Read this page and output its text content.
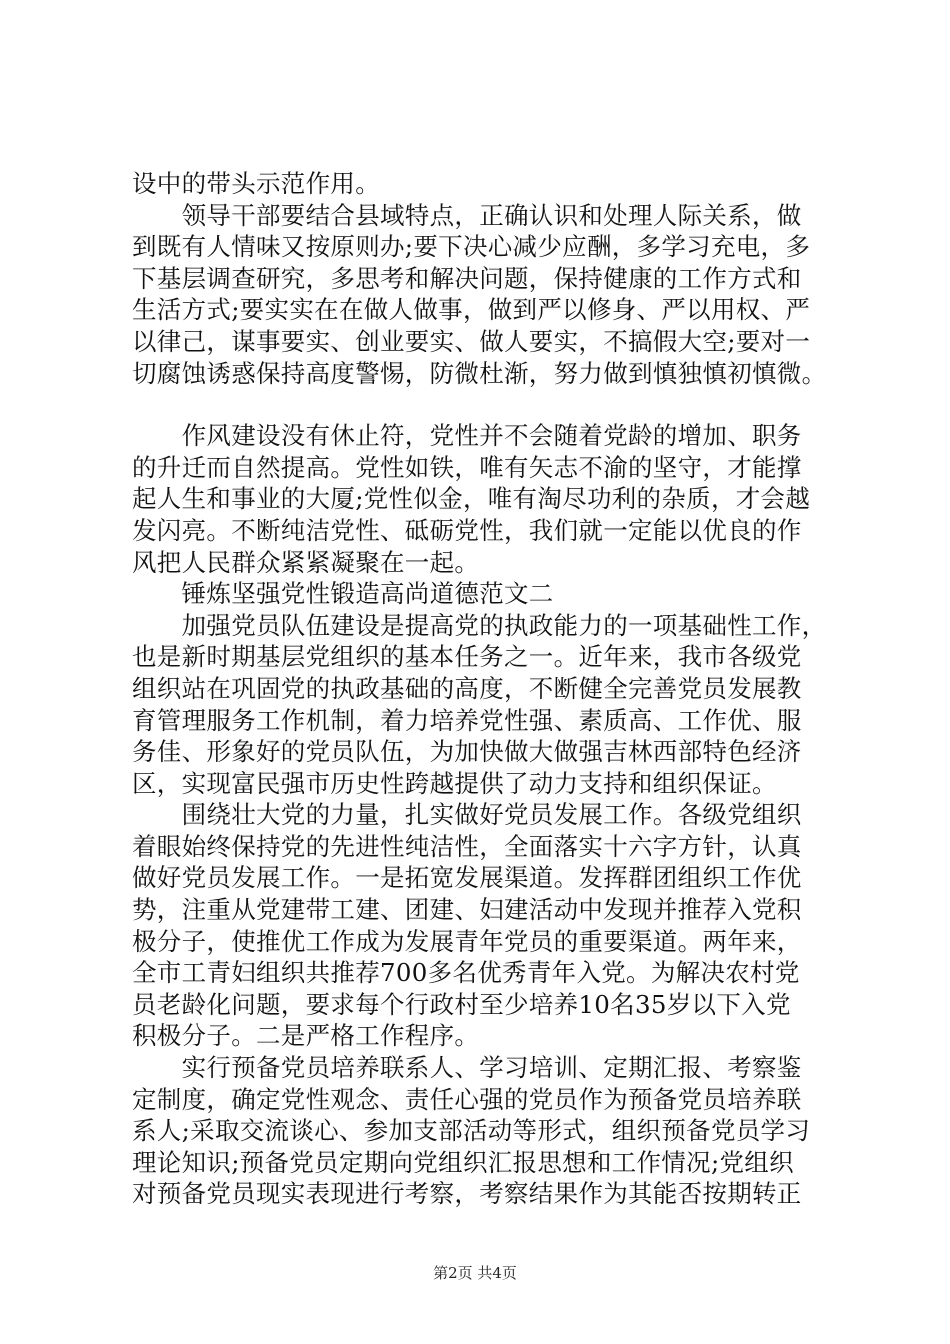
设中的带头示范作用。
　　领导干部要结合县域特点，正确认识和处理人际关系，做
到既有人情味又按原则办;要下决心减少应酬，多学习充电，多
下基层调查研究，多思考和解决问题，保持健康的工作方式和
生活方式;要实实在在做人做事，做到严以修身、严以用权、严
以律己，谋事要实、创业要实、做人要实，不搞假大空;要对一
切腐蚀诱惑保持高度警惕，防微杜渐，努力做到慎独慎初慎微。
　　作风建设没有休止符，党性并不会随着党龄的增加、职务
的升迁而自然提高。党性如铁，唯有矢志不渝的坚守，才能撑
起人生和事业的大厦;党性似金，唯有淘尽功利的杂质，才会越
发闪亮。不断纯洁党性、砥砺党性，我们就一定能以优良的作
风把人民群众紧紧凝聚在一起。
　　锤炼坚强党性锻造高尚道德范文二
　　加强党员队伍建设是提高党的执政能力的一项基础性工作，
也是新时期基层党组织的基本任务之一。近年来，我市各级党
组织站在巩固党的执政基础的高度，不断健全完善党员发展教
育管理服务工作机制，着力培养党性强、素质高、工作优、服
务佳、形象好的党员队伍，为加快做大做强吉林西部特色经济
区，实现富民强市历史性跨越提供了动力支持和组织保证。
　　围绕壮大党的力量，扎实做好党员发展工作。各级党组织
着眼始终保持党的先进性纯洁性，全面落实十六字方针，认真
做好党员发展工作。一是拓宽发展渠道。发挥群团组织工作优
势，注重从党建带工建、团建、妇建活动中发现并推荐入党积
极分子，使推优工作成为发展青年党员的重要渠道。两年来，
全市工青妇组织共推荐700多名优秀青年入党。为解决农村党
员老龄化问题，要求每个行政村至少培养10名35岁以下入党
积极分子。二是严格工作程序。
　　实行预备党员培养联系人、学习培训、定期汇报、考察鉴
定制度，确定党性观念、责任心强的党员作为预备党员培养联
系人;采取交流谈心、参加支部活动等形式，组织预备党员学习
理论知识;预备党员定期向党组织汇报思想和工作情况;党组织
对预备党员现实表现进行考察，考察结果作为其能否按期转正
第2页 共4页
